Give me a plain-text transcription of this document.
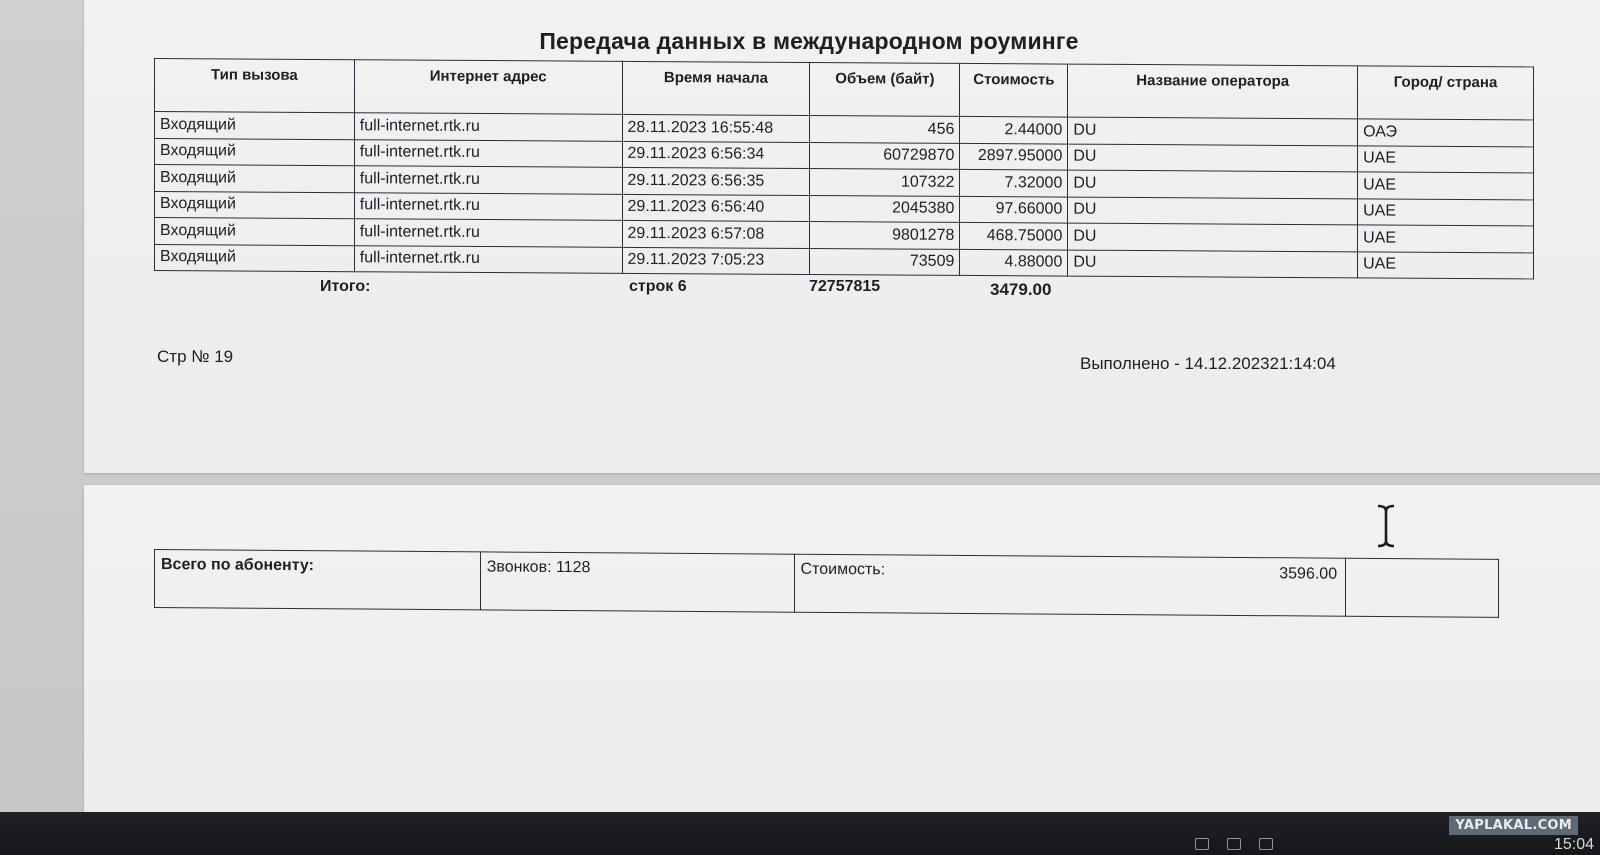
Передача данных в международном роуминге
Тип вызова	Интернет адрес	Время начала	Объем (байт)	Стоимость	Название оператора	Город/ страна
Входящий	full-internet.rtk.ru	28.11.2023 16:55:48	456	2.44000	DU	ОАЭ
Входящий	full-internet.rtk.ru	29.11.2023 6:56:34	60729870	2897.95000	DU	UAE
Входящий	full-internet.rtk.ru	29.11.2023 6:56:35	107322	7.32000	DU	UAE
Входящий	full-internet.rtk.ru	29.11.2023 6:56:40	2045380	97.66000	DU	UAE
Входящий	full-internet.rtk.ru	29.11.2023 6:57:08	9801278	468.75000	DU	UAE
Входящий	full-internet.rtk.ru	29.11.2023 7:05:23	73509	4.88000	DU	UAE
Итого:	строк 6	72757815	3479.00
Стр № 19	Выполнено - 14.12.202321:14:04
Всего по абоненту:	Звонков: 1128	Стоимость:	3596.00

YAPLAKAL.COM
15:04
